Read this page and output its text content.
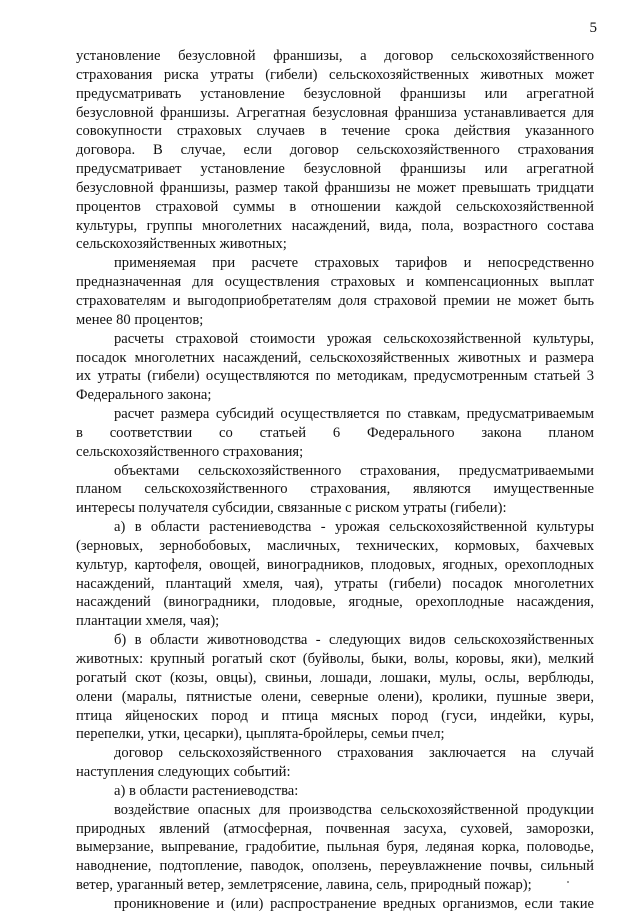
5
установление безусловной франшизы, а договор сельскохозяйственного
страхования риска утраты (гибели) сельскохозяйственных животных может
предусматривать установление безусловной франшизы или агрегатной
безусловной франшизы. Агрегатная безусловная франшиза устанавливается для
совокупности страховых случаев в течение срока действия указанного
договора. В случае, если договор сельскохозяйственного страхования
предусматривает установление безусловной франшизы или агрегатной
безусловной франшизы, размер такой франшизы не может превышать тридцати
процентов страховой суммы в отношении каждой сельскохозяйственной
культуры, группы многолетних насаждений, вида, пола, возрастного состава
сельскохозяйственных животных;
применяемая при расчете страховых тарифов и непосредственно
предназначенная для осуществления страховых и компенсационных выплат
страхователям и выгодоприобретателям доля страховой премии не может быть
менее 80 процентов;
расчеты страховой стоимости урожая сельскохозяйственной культуры,
посадок многолетних насаждений, сельскохозяйственных животных и размера
их утраты (гибели) осуществляются по методикам, предусмотренным статьей 3
Федерального закона;
расчет размера субсидий осуществляется по ставкам, предусматриваемым
в соответствии со статьей 6 Федерального закона планом
сельскохозяйственного страхования;
объектами сельскохозяйственного страхования, предусматриваемыми
планом сельскохозяйственного страхования, являются имущественные
интересы получателя субсидии, связанные с риском утраты (гибели):
а) в области растениеводства - урожая сельскохозяйственной культуры
(зерновых, зернобобовых, масличных, технических, кормовых, бахчевых
культур, картофеля, овощей, виноградников, плодовых, ягодных, орехоплодных
насаждений, плантаций хмеля, чая), утраты (гибели) посадок многолетних
насаждений (виноградники, плодовые, ягодные, орехоплодные насаждения,
плантации хмеля, чая);
б) в области животноводства - следующих видов сельскохозяйственных
животных: крупный рогатый скот (буйволы, быки, волы, коровы, яки), мелкий
рогатый скот (козы, овцы), свиньи, лошади, лошаки, мулы, ослы, верблюды,
олени (маралы, пятнистые олени, северные олени), кролики, пушные звери,
птица яйценоских пород и птица мясных пород (гуси, индейки, куры,
перепелки, утки, цесарки), цыплята-бройлеры, семьи пчел;
договор сельскохозяйственного страхования заключается на случай
наступления следующих событий:
а) в области растениеводства:
воздействие опасных для производства сельскохозяйственной продукции
природных явлений (атмосферная, почвенная засуха, суховей, заморозки,
вымерзание, выпревание, градобитие, пыльная буря, ледяная корка, половодье,
наводнение, подтопление, паводок, оползень, переувлажнение почвы, сильный
ветер, ураганный ветер, землетрясение, лавина, сель, природный пожар);
проникновение и (или) распространение вредных организмов, если такие
